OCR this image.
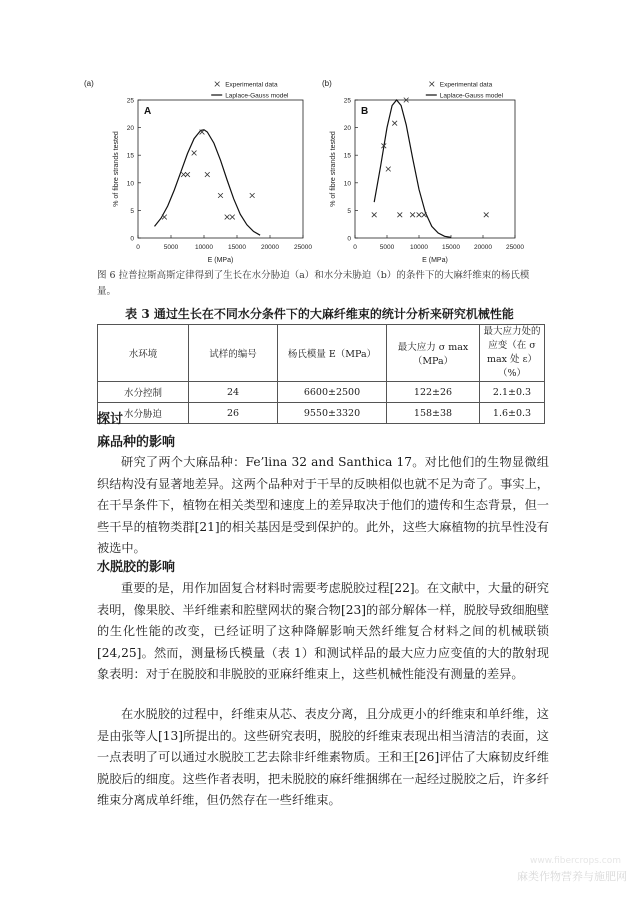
(a)
A
0	5000	10000 15000 20000 25000
0
5
10
15
20
25
E (MPa)
% of fibre strands tested
Experimental data
Laplace-Gauss model
(b)
B
0	5000 10000 15000 20000 25000
0
5
10
15
20
25
E (MPa)
% of fibre strands tested
Experimental data
Laplace-Gauss model
图 6 拉普拉斯高斯定律得到了生长在水分胁迫（a）和水分未胁迫（b）的条件下的大麻纤维束的杨氏模量。
表 3 通过生长在不同水分条件下的大麻纤维束的统计分析来研究机械性能
水环境	试样的编号	杨氏模量 E（MPa）	最大应力 σ max（MPa）	最大应力处的应变（在 σ max 处 ε）（%）
水分控制	24	6600±2500	122±26	2.1±0.3
水分胁迫	26	9550±3320	158±38	1.6±0.3
探讨
麻品种的影响
研究了两个大麻品种：Fe’lina 32 and Santhica 17。对比他们的生物显微组织结构没有显著地差异。这两个品种对于干旱的反映相似也就不足为奇了。事实上，在干旱条件下，植物在相关类型和速度上的差异取决于他们的遗传和生态背景，但一些干旱的植物类群[21]的相关基因是受到保护的。此外，这些大麻植物的抗旱性没有被选中。
水脱胶的影响
重要的是，用作加固复合材料时需要考虑脱胶过程[22]。在文献中，大量的研究表明，像果胶、半纤维素和腔壁网状的聚合物[23]的部分解体一样，脱胶导致细胞壁的生化性能的改变，已经证明了这种降解影响天然纤维复合材料之间的机械联锁[24,25]。然而，测量杨氏模量（表 1）和测试样品的最大应力应变值的大的散射现象表明：对于在脱胶和非脱胶的亚麻纤维束上，这些机械性能没有测量的差异。
在水脱胶的过程中，纤维束从芯、表皮分离，且分成更小的纤维束和单纤维，这是由张等人[13]所提出的。这些研究表明，脱胶的纤维束表现出相当清洁的表面，这一点表明了可以通过水脱胶工艺去除非纤维素物质。王和王[26]评估了大麻韧皮纤维脱胶后的细度。这些作者表明，把未脱胶的麻纤维捆绑在一起经过脱胶之后，许多纤维束分离成单纤维，但仍然存在一些纤维束。
www.fibercrops.com
麻类作物营养与施肥网
